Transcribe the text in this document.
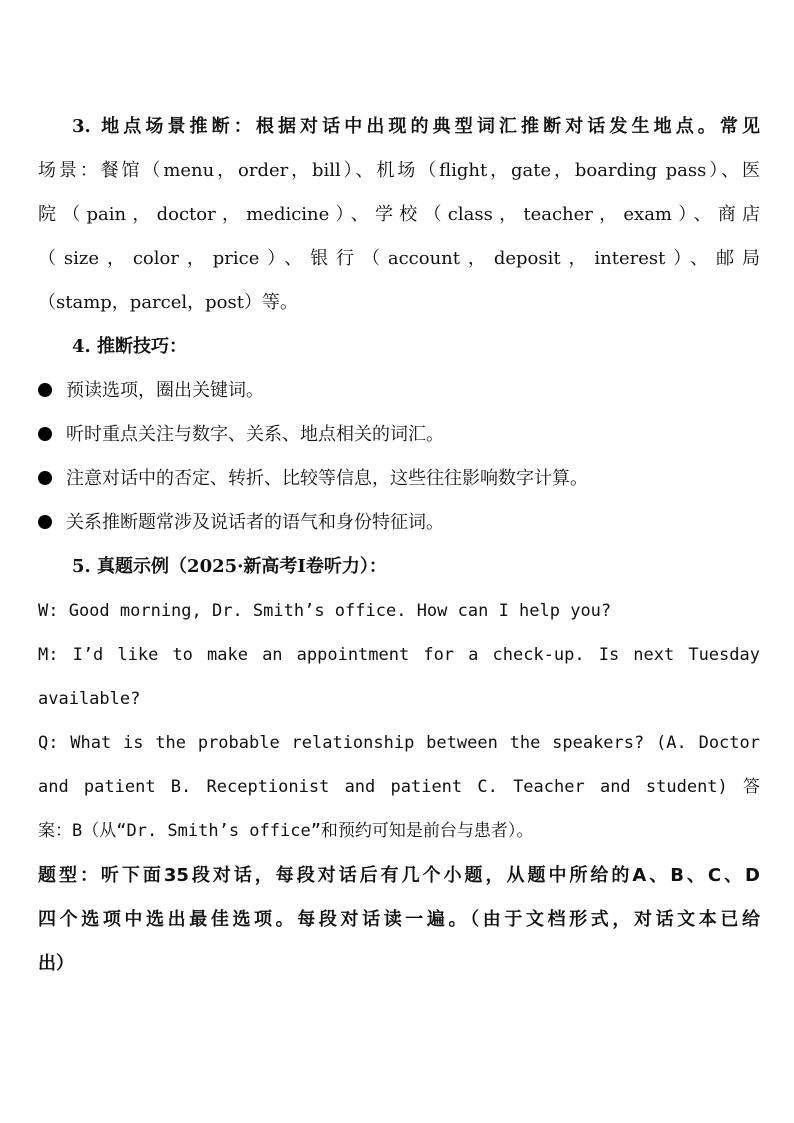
3. 地点场景推断：根据对话中出现的典型词汇推断对话发生地点。常见
场景：餐馆（menu，order，bill）、机场（flight，gate，boarding pass）、医
院（pain，doctor，medicine）、学校（class，teacher，exam）、商店
（size，color，price）、银行（account，deposit，interest）、邮局
（stamp，parcel，post）等。
4. 推断技巧：
预读选项，圈出关键词。
听时重点关注与数字、关系、地点相关的词汇。
注意对话中的否定、转折、比较等信息，这些往往影响数字计算。
关系推断题常涉及说话者的语气和身份特征词。
5. 真题示例（2025·新高考Ⅰ卷听力）：
W: Good morning, Dr. Smith’s office. How can I help you?
M: I’d like to make an appointment for a check-up. Is next Tuesday
available?
Q: What is the probable relationship between the speakers? (A. Doctor
and patient B. Receptionist and patient C. Teacher and student) 答
案：B（从“Dr. Smith’s office”和预约可知是前台与患者）。
题型：听下面35段对话，每段对话后有几个小题，从题中所给的A、B、C、D
四个选项中选出最佳选项。每段对话读一遍。（由于文档形式，对话文本已给
出）
